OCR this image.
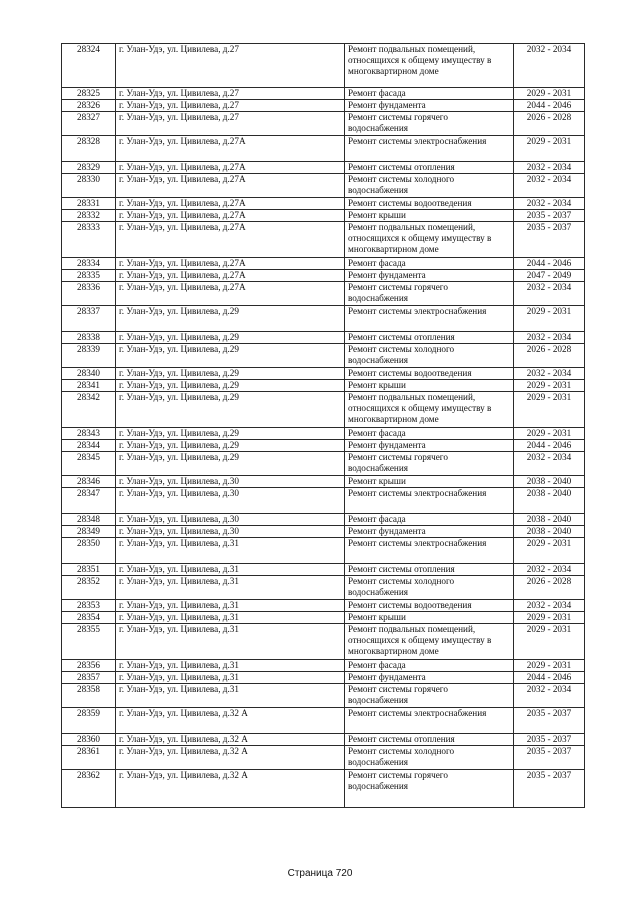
28324	г. Улан-Удэ, ул. Цивилева, д.27	Ремонт подвальных помещений, относящихся к общему имуществу в многоквартирном доме	2032 - 2034
28325	г. Улан-Удэ, ул. Цивилева, д.27	Ремонт фасада	2029 - 2031
28326	г. Улан-Удэ, ул. Цивилева, д.27	Ремонт фундамента	2044 - 2046
28327	г. Улан-Удэ, ул. Цивилева, д.27	Ремонт системы горячего водоснабжения	2026 - 2028
28328	г. Улан-Удэ, ул. Цивилева, д.27А	Ремонт системы электроснабжения	2029 - 2031
28329	г. Улан-Удэ, ул. Цивилева, д.27А	Ремонт системы отопления	2032 - 2034
28330	г. Улан-Удэ, ул. Цивилева, д.27А	Ремонт системы холодного водоснабжения	2032 - 2034
28331	г. Улан-Удэ, ул. Цивилева, д.27А	Ремонт системы водоотведения	2032 - 2034
28332	г. Улан-Удэ, ул. Цивилева, д.27А	Ремонт крыши	2035 - 2037
28333	г. Улан-Удэ, ул. Цивилева, д.27А	Ремонт подвальных помещений, относящихся к общему имуществу в многоквартирном доме	2035 - 2037
28334	г. Улан-Удэ, ул. Цивилева, д.27А	Ремонт фасада	2044 - 2046
28335	г. Улан-Удэ, ул. Цивилева, д.27А	Ремонт фундамента	2047 - 2049
28336	г. Улан-Удэ, ул. Цивилева, д.27А	Ремонт системы горячего водоснабжения	2032 - 2034
28337	г. Улан-Удэ, ул. Цивилева, д.29	Ремонт системы электроснабжения	2029 - 2031
28338	г. Улан-Удэ, ул. Цивилева, д.29	Ремонт системы отопления	2032 - 2034
28339	г. Улан-Удэ, ул. Цивилева, д.29	Ремонт системы холодного водоснабжения	2026 - 2028
28340	г. Улан-Удэ, ул. Цивилева, д.29	Ремонт системы водоотведения	2032 - 2034
28341	г. Улан-Удэ, ул. Цивилева, д.29	Ремонт крыши	2029 - 2031
28342	г. Улан-Удэ, ул. Цивилева, д.29	Ремонт подвальных помещений, относящихся к общему имуществу в многоквартирном доме	2029 - 2031
28343	г. Улан-Удэ, ул. Цивилева, д.29	Ремонт фасада	2029 - 2031
28344	г. Улан-Удэ, ул. Цивилева, д.29	Ремонт фундамента	2044 - 2046
28345	г. Улан-Удэ, ул. Цивилева, д.29	Ремонт системы горячего водоснабжения	2032 - 2034
28346	г. Улан-Удэ, ул. Цивилева, д.30	Ремонт крыши	2038 - 2040
28347	г. Улан-Удэ, ул. Цивилева, д.30	Ремонт системы электроснабжения	2038 - 2040
28348	г. Улан-Удэ, ул. Цивилева, д.30	Ремонт фасада	2038 - 2040
28349	г. Улан-Удэ, ул. Цивилева, д.30	Ремонт фундамента	2038 - 2040
28350	г. Улан-Удэ, ул. Цивилева, д.31	Ремонт системы электроснабжения	2029 - 2031
28351	г. Улан-Удэ, ул. Цивилева, д.31	Ремонт системы отопления	2032 - 2034
28352	г. Улан-Удэ, ул. Цивилева, д.31	Ремонт системы холодного водоснабжения	2026 - 2028
28353	г. Улан-Удэ, ул. Цивилева, д.31	Ремонт системы водоотведения	2032 - 2034
28354	г. Улан-Удэ, ул. Цивилева, д.31	Ремонт крыши	2029 - 2031
28355	г. Улан-Удэ, ул. Цивилева, д.31	Ремонт подвальных помещений, относящихся к общему имуществу в многоквартирном доме	2029 - 2031
28356	г. Улан-Удэ, ул. Цивилева, д.31	Ремонт фасада	2029 - 2031
28357	г. Улан-Удэ, ул. Цивилева, д.31	Ремонт фундамента	2044 - 2046
28358	г. Улан-Удэ, ул. Цивилева, д.31	Ремонт системы горячего водоснабжения	2032 - 2034
28359	г. Улан-Удэ, ул. Цивилева, д.32 А	Ремонт системы электроснабжения	2035 - 2037
28360	г. Улан-Удэ, ул. Цивилева, д.32 А	Ремонт системы отопления	2035 - 2037
28361	г. Улан-Удэ, ул. Цивилева, д.32 А	Ремонт системы холодного водоснабжения	2035 - 2037
28362	г. Улан-Удэ, ул. Цивилева, д.32 А	Ремонт системы горячего водоснабжения	2035 - 2037
Страница 720
